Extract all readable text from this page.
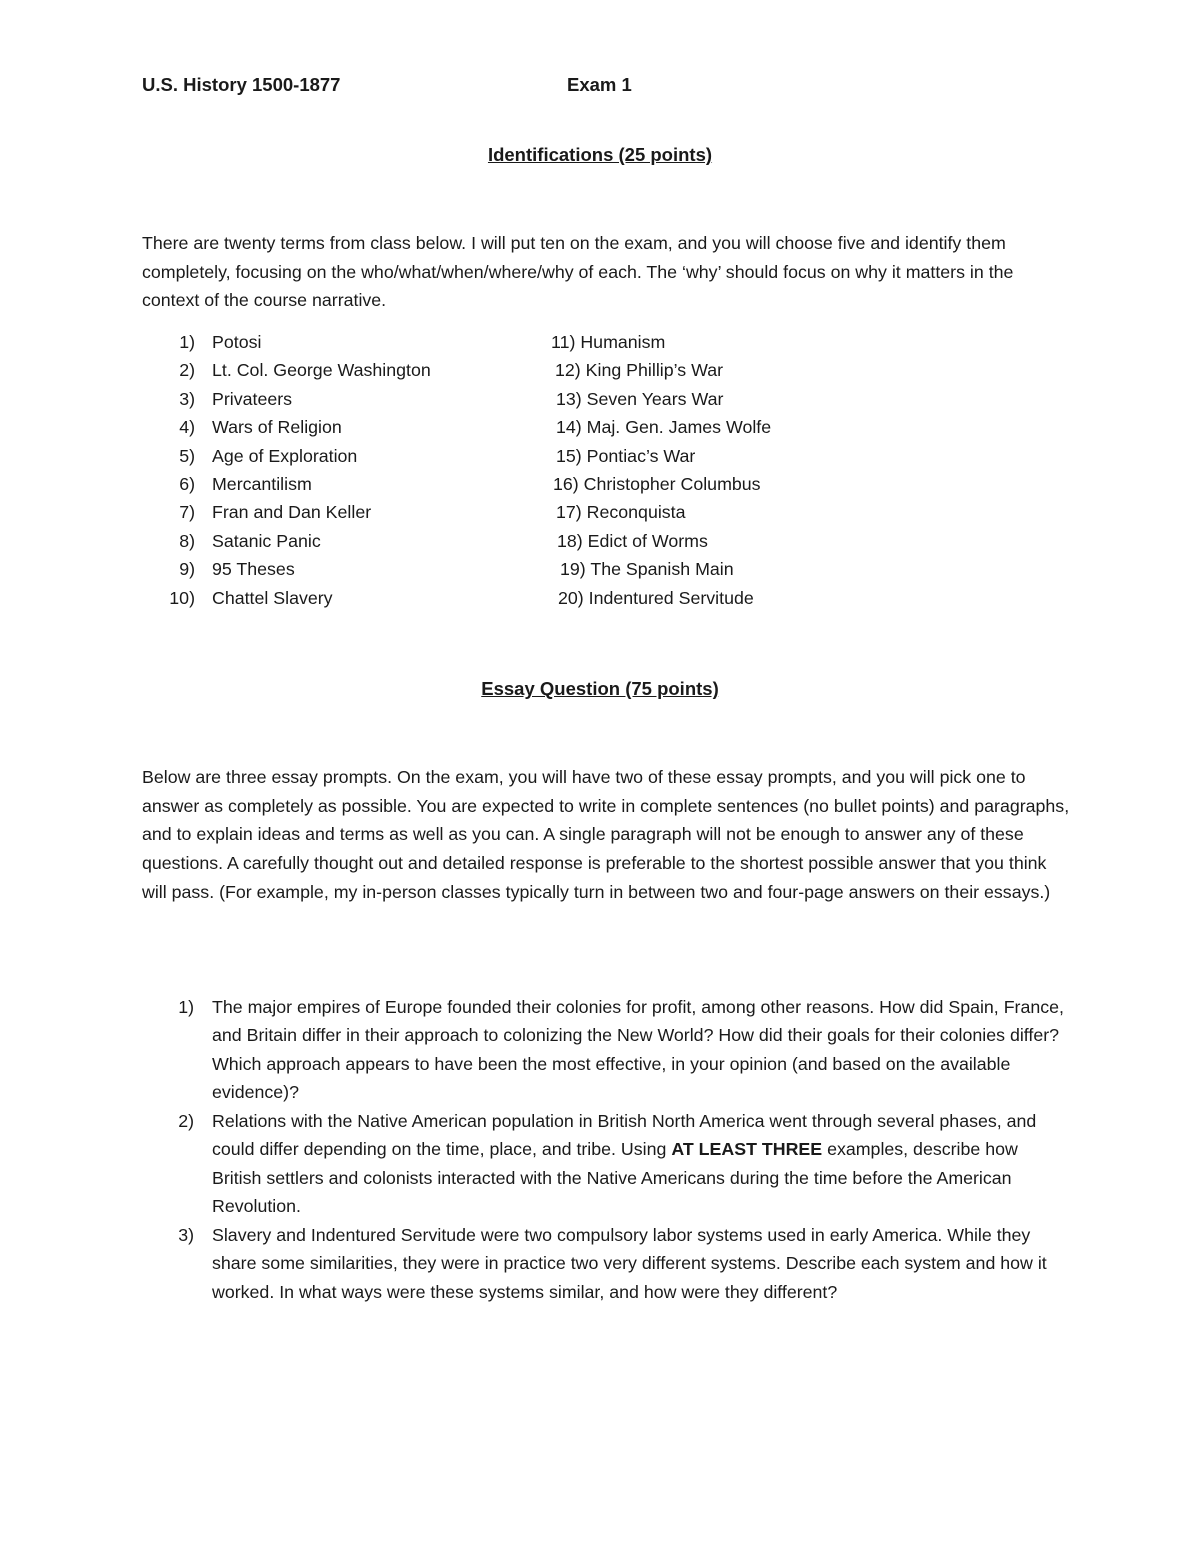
U.S. History 1500-1877	Exam 1
Identifications (25 points)
There are twenty terms from class below. I will put ten on the exam, and you will choose five and identify them completely, focusing on the who/what/when/where/why of each. The ‘why’ should focus on why it matters in the context of the course narrative.
1) Potosi
2) Lt. Col. George Washington
3) Privateers
4) Wars of Religion
5) Age of Exploration
6) Mercantilism
7) Fran and Dan Keller
8) Satanic Panic
9) 95 Theses
10) Chattel Slavery
11) Humanism
12) King Phillip’s War
13) Seven Years War
14) Maj. Gen. James Wolfe
15) Pontiac’s War
16) Christopher Columbus
17) Reconquista
18) Edict of Worms
19) The Spanish Main
20) Indentured Servitude
Essay Question (75 points)
Below are three essay prompts. On the exam, you will have two of these essay prompts, and you will pick one to answer as completely as possible. You are expected to write in complete sentences (no bullet points) and paragraphs, and to explain ideas and terms as well as you can. A single paragraph will not be enough to answer any of these questions. A carefully thought out and detailed response is preferable to the shortest possible answer that you think will pass. (For example, my in-person classes typically turn in between two and four-page answers on their essays.)
1) The major empires of Europe founded their colonies for profit, among other reasons. How did Spain, France, and Britain differ in their approach to colonizing the New World? How did their goals for their colonies differ? Which approach appears to have been the most effective, in your opinion (and based on the available evidence)?
2) Relations with the Native American population in British North America went through several phases, and could differ depending on the time, place, and tribe. Using AT LEAST THREE examples, describe how British settlers and colonists interacted with the Native Americans during the time before the American Revolution.
3) Slavery and Indentured Servitude were two compulsory labor systems used in early America. While they share some similarities, they were in practice two very different systems. Describe each system and how it worked. In what ways were these systems similar, and how were they different?
